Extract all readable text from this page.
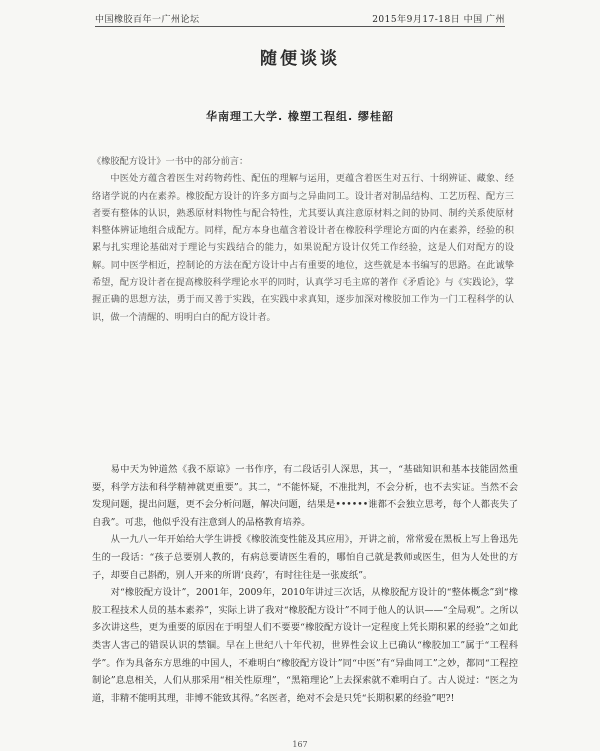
中国橡胶百年一广州论坛	2015年9月17-18日 中国 广州
随便谈谈
华南理工大学. 橡塑工程组. 缪桂韶

《橡胶配方设计》一书中的部分前言：

中医处方蕴含着医生对药物药性、配伍的理解与运用，更蕴含着医生对五行、十纲辨证、藏象、经络诸学说的内在素养。橡胶配方设计的许多方面与之异曲同工。设计者对制品结构、工艺历程、配方三者要有整体的认识，熟悉原材料物性与配合特性，尤其要认真注意原材料之间的协同、制约关系使原材料整体辨证地组合成配方。同样，配方本身也蕴含着设计者在橡胶科学理论方面的内在素养，经验的积累与扎实理论基础对于理论与实践结合的能力，如果说配方设计仅凭工作经验，这是人们对配方的设解。同中医学相近，控制论的方法在配方设计中占有重要的地位，这些就是本书编写的思路。在此诚挚希望，配方设计者在提高橡胶科学理论水平的同时，认真学习毛主席的著作《矛盾论》与《实践论》，掌握正确的思想方法，勇于而又善于实践，在实践中求真知，逐步加深对橡胶加工作为一门工程科学的认识，做一个清醒的、明明白白的配方设计者。

易中天为钟道然《我不原谅》一书作序，有二段话引人深思，其一，“基础知识和基本技能固然重要，科学方法和科学精神就更重要”。其二，“不能怀疑，不准批判，不会分析，也不去实证。当然不会发现问题，提出问题，更不会分析问题，解决问题，结果是••••••谁都不会独立思考，每个人都丧失了自我”。可悲，他似乎没有注意到人的品格教育培养。

从一九八一年开始给大学生讲授《橡胶流变性能及其应用》，开讲之前，常常爱在黑板上写上鲁迅先生的一段话：“孩子总要别人教的，有病总要请医生看的，哪怕自己就是教师或医生，但为人处世的方子，却要自己斟酌，别人开来的所谓‘良药’，有时往往是一张废纸”。

对“橡胶配方设计”，2001年，2009年，2010年讲过三次话，从橡胶配方设计的“整体概念”到“橡胶工程技术人员的基本素养”，实际上讲了我对“橡胶配方设计”不同于他人的认识——“全局观”。之所以多次讲这些，更为重要的原因在于明望人们不要要“橡胶配方设计一定程度上凭长期积累的经验”之如此类害人害己的错误认识的禁锢。早在上世纪八十年代初，世界性会议上已确认“橡胶加工”属于“工程科学”。作为具备东方思维的中国人，不难明白“橡胶配方设计”同“中医”有“异曲同工”之妙，都同“工程控制论”息息相关，人们从那采用“相关性原理”，“黑箱理论”上去探索就不难明白了。古人说过：“医之为道，非精不能明其理，非博不能致其得。”名医者，绝对不会是只凭“长期积累的经验”吧?!

167
